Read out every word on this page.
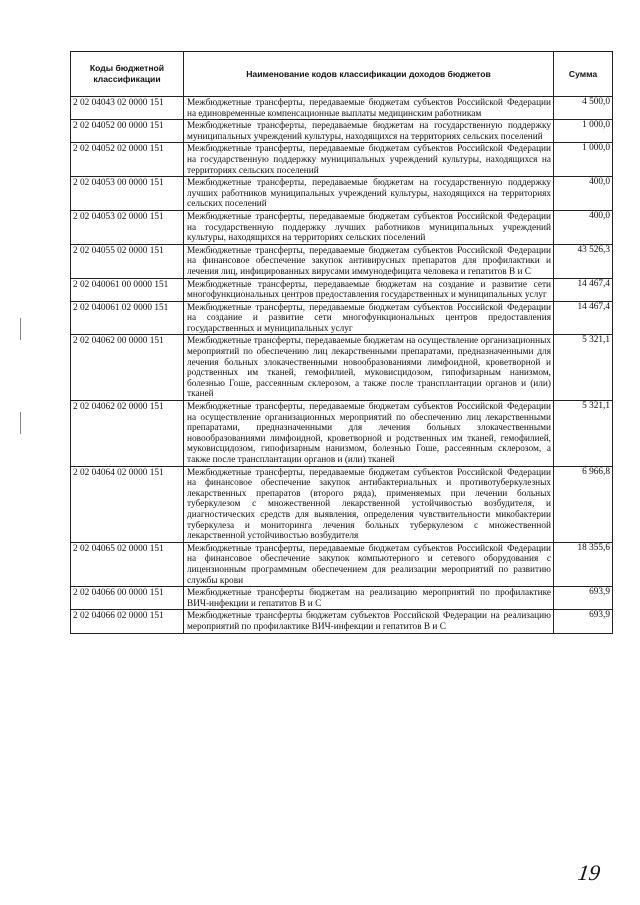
Коды бюджетной классификации	Наименование кодов классификации доходов бюджетов	Сумма
2 02 04043 02 0000 151	Межбюджетные трансферты, передаваемые бюджетам субъектов Российской Федерации на единовременные компенсационные выплаты медицинским работникам	4 500,0
2 02 04052 00 0000 151	Межбюджетные трансферты, передаваемые бюджетам на государственную поддержку муниципальных учреждений культуры, находящихся на территориях сельских поселений	1 000,0
2 02 04052 02 0000 151	Межбюджетные трансферты, передаваемые бюджетам субъектов Российской Федерации на государственную поддержку муниципальных учреждений культуры, находящихся на территориях сельских поселений	1 000,0
2 02 04053 00 0000 151	Межбюджетные трансферты, передаваемые бюджетам на государственную поддержку лучших работников муниципальных учреждений культуры, находящихся на территориях сельских поселений	400,0
2 02 04053 02 0000 151	Межбюджетные трансферты, передаваемые бюджетам субъектов Российской Федерации на государственную поддержку лучших работников муниципальных учреждений культуры, находящихся на территориях сельских поселений	400,0
2 02 04055 02 0000 151	Межбюджетные трансферты, передаваемые бюджетам субъектов Российской Федерации на финансовое обеспечение закупок антивирусных препаратов для профилактики и лечения лиц, инфицированных вирусами иммунодефицита человека и гепатитов В и С	43 526,3
2 02 040061 00 0000 151	Межбюджетные трансферты, передаваемые бюджетам на создание и развитие сети многофункциональных центров предоставления государственных и муниципальных услуг	14 467,4
2 02 040061 02 0000 151	Межбюджетные трансферты, передаваемые бюджетам субъектов Российской Федерации на создание и развитие сети многофункциональных центров предоставления государственных и муниципальных услуг	14 467,4
2 02 04062 00 0000 151	Межбюджетные трансферты, передаваемые бюджетам на осуществление организационных мероприятий по обеспечению лиц лекарственными препаратами, предназначенными для лечения больных злокачественными новообразованиями лимфоидной, кроветворной и родственных им тканей, гемофилией, муковисцидозом, гипофизарным нанизмом, болезнью Гоше, рассеянным склерозом, а также после трансплантации органов и (или) тканей	5 321,1
2 02 04062 02 0000 151	Межбюджетные трансферты, передаваемые бюджетам субъектов Российской Федерации на осуществление организационных мероприятий по обеспечению лиц лекарственными препаратами, предназначенными для лечения больных злокачественными новообразованиями лимфоидной, кроветворной и родственных им тканей, гемофилией, муковисцидозом, гипофизарным нанизмом, болезнью Гоше, рассеянным склерозом, а также после трансплантации органов и (или) тканей	5 321,1
2 02 04064 02 0000 151	Межбюджетные трансферты, передаваемые бюджетам субъектов Российской Федерации на финансовое обеспечение закупок антибактериальных и противотуберкулезных лекарственных препаратов (второго ряда), применяемых при лечении больных туберкулезом с множественной лекарственной устойчивостью возбудителя, и диагностических средств для выявления, определения чувствительности микобактерии туберкулеза и мониторинга лечения больных туберкулезом с множественной лекарственной устойчивостью возбудителя	6 966,8
2 02 04065 02 0000 151	Межбюджетные трансферты, передаваемые бюджетам субъектов Российской Федерации на финансовое обеспечение закупок компьютерного и сетевого оборудования с лицензионным программным обеспечением для реализации мероприятий по развитию службы крови	18 355,6
2 02 04066 00 0000 151	Межбюджетные трансферты бюджетам на реализацию мероприятий по профилактике ВИЧ-инфекции и гепатитов В и С	693,9
2 02 04066 02 0000 151	Межбюджетные трансферты бюджетам субъектов Российской Федерации на реализацию мероприятий по профилактике ВИЧ-инфекции и гепатитов В и С	693,9
19
